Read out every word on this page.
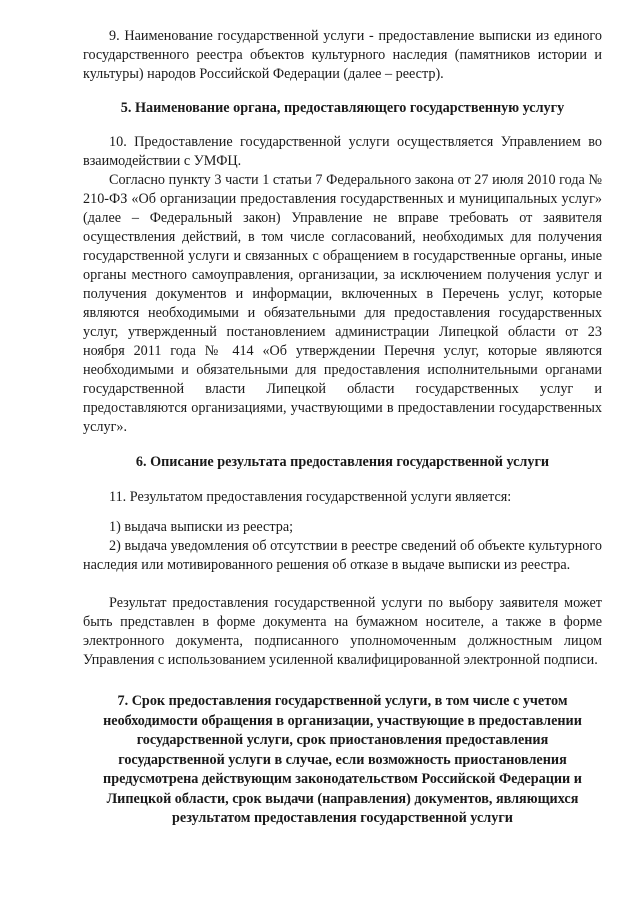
9. Наименование государственной услуги - предоставление выписки из единого государственного реестра объектов культурного наследия (памятников истории и культуры) народов Российской Федерации (далее – реестр).

5. Наименование органа, предоставляющего государственную услугу

10. Предоставление государственной услуги осуществляется Управлением во взаимодействии с УМФЦ.

Согласно пункту 3 части 1 статьи 7 Федерального закона от 27 июля 2010 года № 210-ФЗ «Об организации предоставления государственных и муниципальных услуг» (далее – Федеральный закон) Управление не вправе требовать от заявителя осуществления действий, в том числе согласований, необходимых для получения государственной услуги и связанных с обращением в государственные органы, иные органы местного самоуправления, организации, за исключением получения услуг и получения документов и информации, включенных в Перечень услуг, которые являются необходимыми и обязательными для предоставления государственных услуг, утвержденный постановлением администрации Липецкой области от 23 ноября 2011 года № 414 «Об утверждении Перечня услуг, которые являются необходимыми и обязательными для предоставления исполнительными органами государственной власти Липецкой области государственных услуг и предоставляются организациями, участвующими в предоставлении государственных услуг».

6. Описание результата предоставления государственной услуги

11. Результатом предоставления государственной услуги является:

1) выдача выписки из реестра;

2) выдача уведомления об отсутствии в реестре сведений об объекте культурного наследия или мотивированного решения об отказе в выдаче выписки из реестра.

Результат предоставления государственной услуги по выбору заявителя может быть представлен в форме документа на бумажном носителе, а также в форме электронного документа, подписанного уполномоченным должностным лицом Управления с использованием усиленной квалифицированной электронной подписи.

7. Срок предоставления государственной услуги, в том числе с учетом необходимости обращения в организации, участвующие в предоставлении государственной услуги, срок приостановления предоставления государственной услуги в случае, если возможность приостановления предусмотрена действующим законодательством Российской Федерации и Липецкой области, срок выдачи (направления) документов, являющихся результатом предоставления государственной услуги
